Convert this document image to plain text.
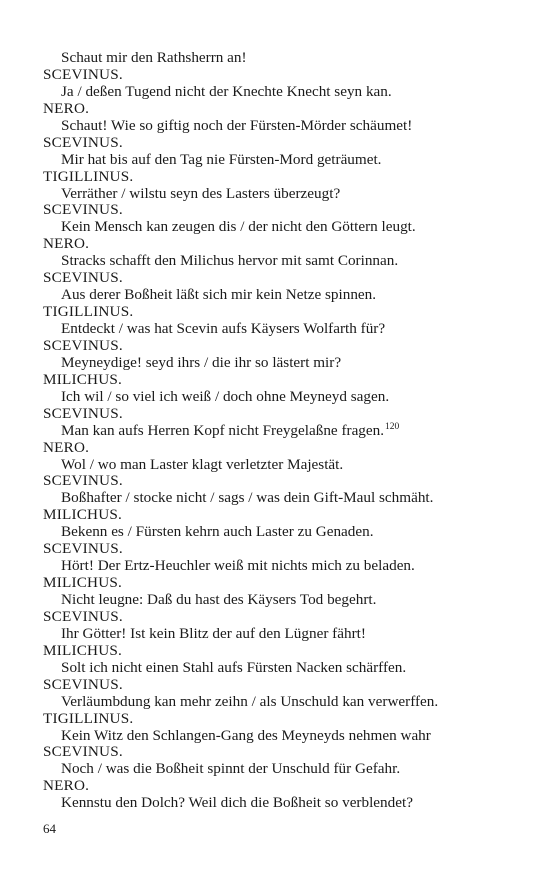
Schaut mir den Rathsherrn an!
SCEVINUS.
Ja / deßen Tugend nicht der Knechte Knecht seyn kan.
NERO.
Schaut! Wie so giftig noch der Fürsten-Mörder schäumet!
SCEVINUS.
Mir hat bis auf den Tag nie Fürsten-Mord geträumet.
TIGILLINUS.
Verräther / wilstu seyn des Lasters überzeugt?
SCEVINUS.
Kein Mensch kan zeugen dis / der nicht den Göttern leugt.
NERO.
Stracks schafft den Milichus hervor mit samt Corinnan.
SCEVINUS.
Aus derer Boßheit läßt sich mir kein Netze spinnen.
TIGILLINUS.
Entdeckt / was hat Scevin aufs Käysers Wolfarth für?
SCEVINUS.
Meyneydige! seyd ihrs / die ihr so lästert mir?
MILICHUS.
Ich wil / so viel ich weiß / doch ohne Meyneyd sagen.
SCEVINUS.
Man kan aufs Herren Kopf nicht Freygelaßne fragen.$^{120}$
NERO.
Wol / wo man Laster klagt verletzter Majestät.
SCEVINUS.
Boßhafter / stocke nicht / sags / was dein Gift-Maul schmäht.
MILICHUS.
Bekenn es / Fürsten kehrn auch Laster zu Genaden.
SCEVINUS.
Hört! Der Ertz-Heuchler weiß mit nichts mich zu beladen.
MILICHUS.
Nicht leugne: Daß du hast des Käysers Tod begehrt.
SCEVINUS.
Ihr Götter! Ist kein Blitz der auf den Lügner fährt!
MILICHUS.
Solt ich nicht einen Stahl aufs Fürsten Nacken schärffen.
SCEVINUS.
Verläumbdung kan mehr zeihn / als Unschuld kan verwerffen.
TIGILLINUS.
Kein Witz den Schlangen-Gang des Meyneyds nehmen wahr
SCEVINUS.
Noch / was die Boßheit spinnt der Unschuld für Gefahr.
NERO.
Kennstu den Dolch? Weil dich die Boßheit so verblendet?
64
